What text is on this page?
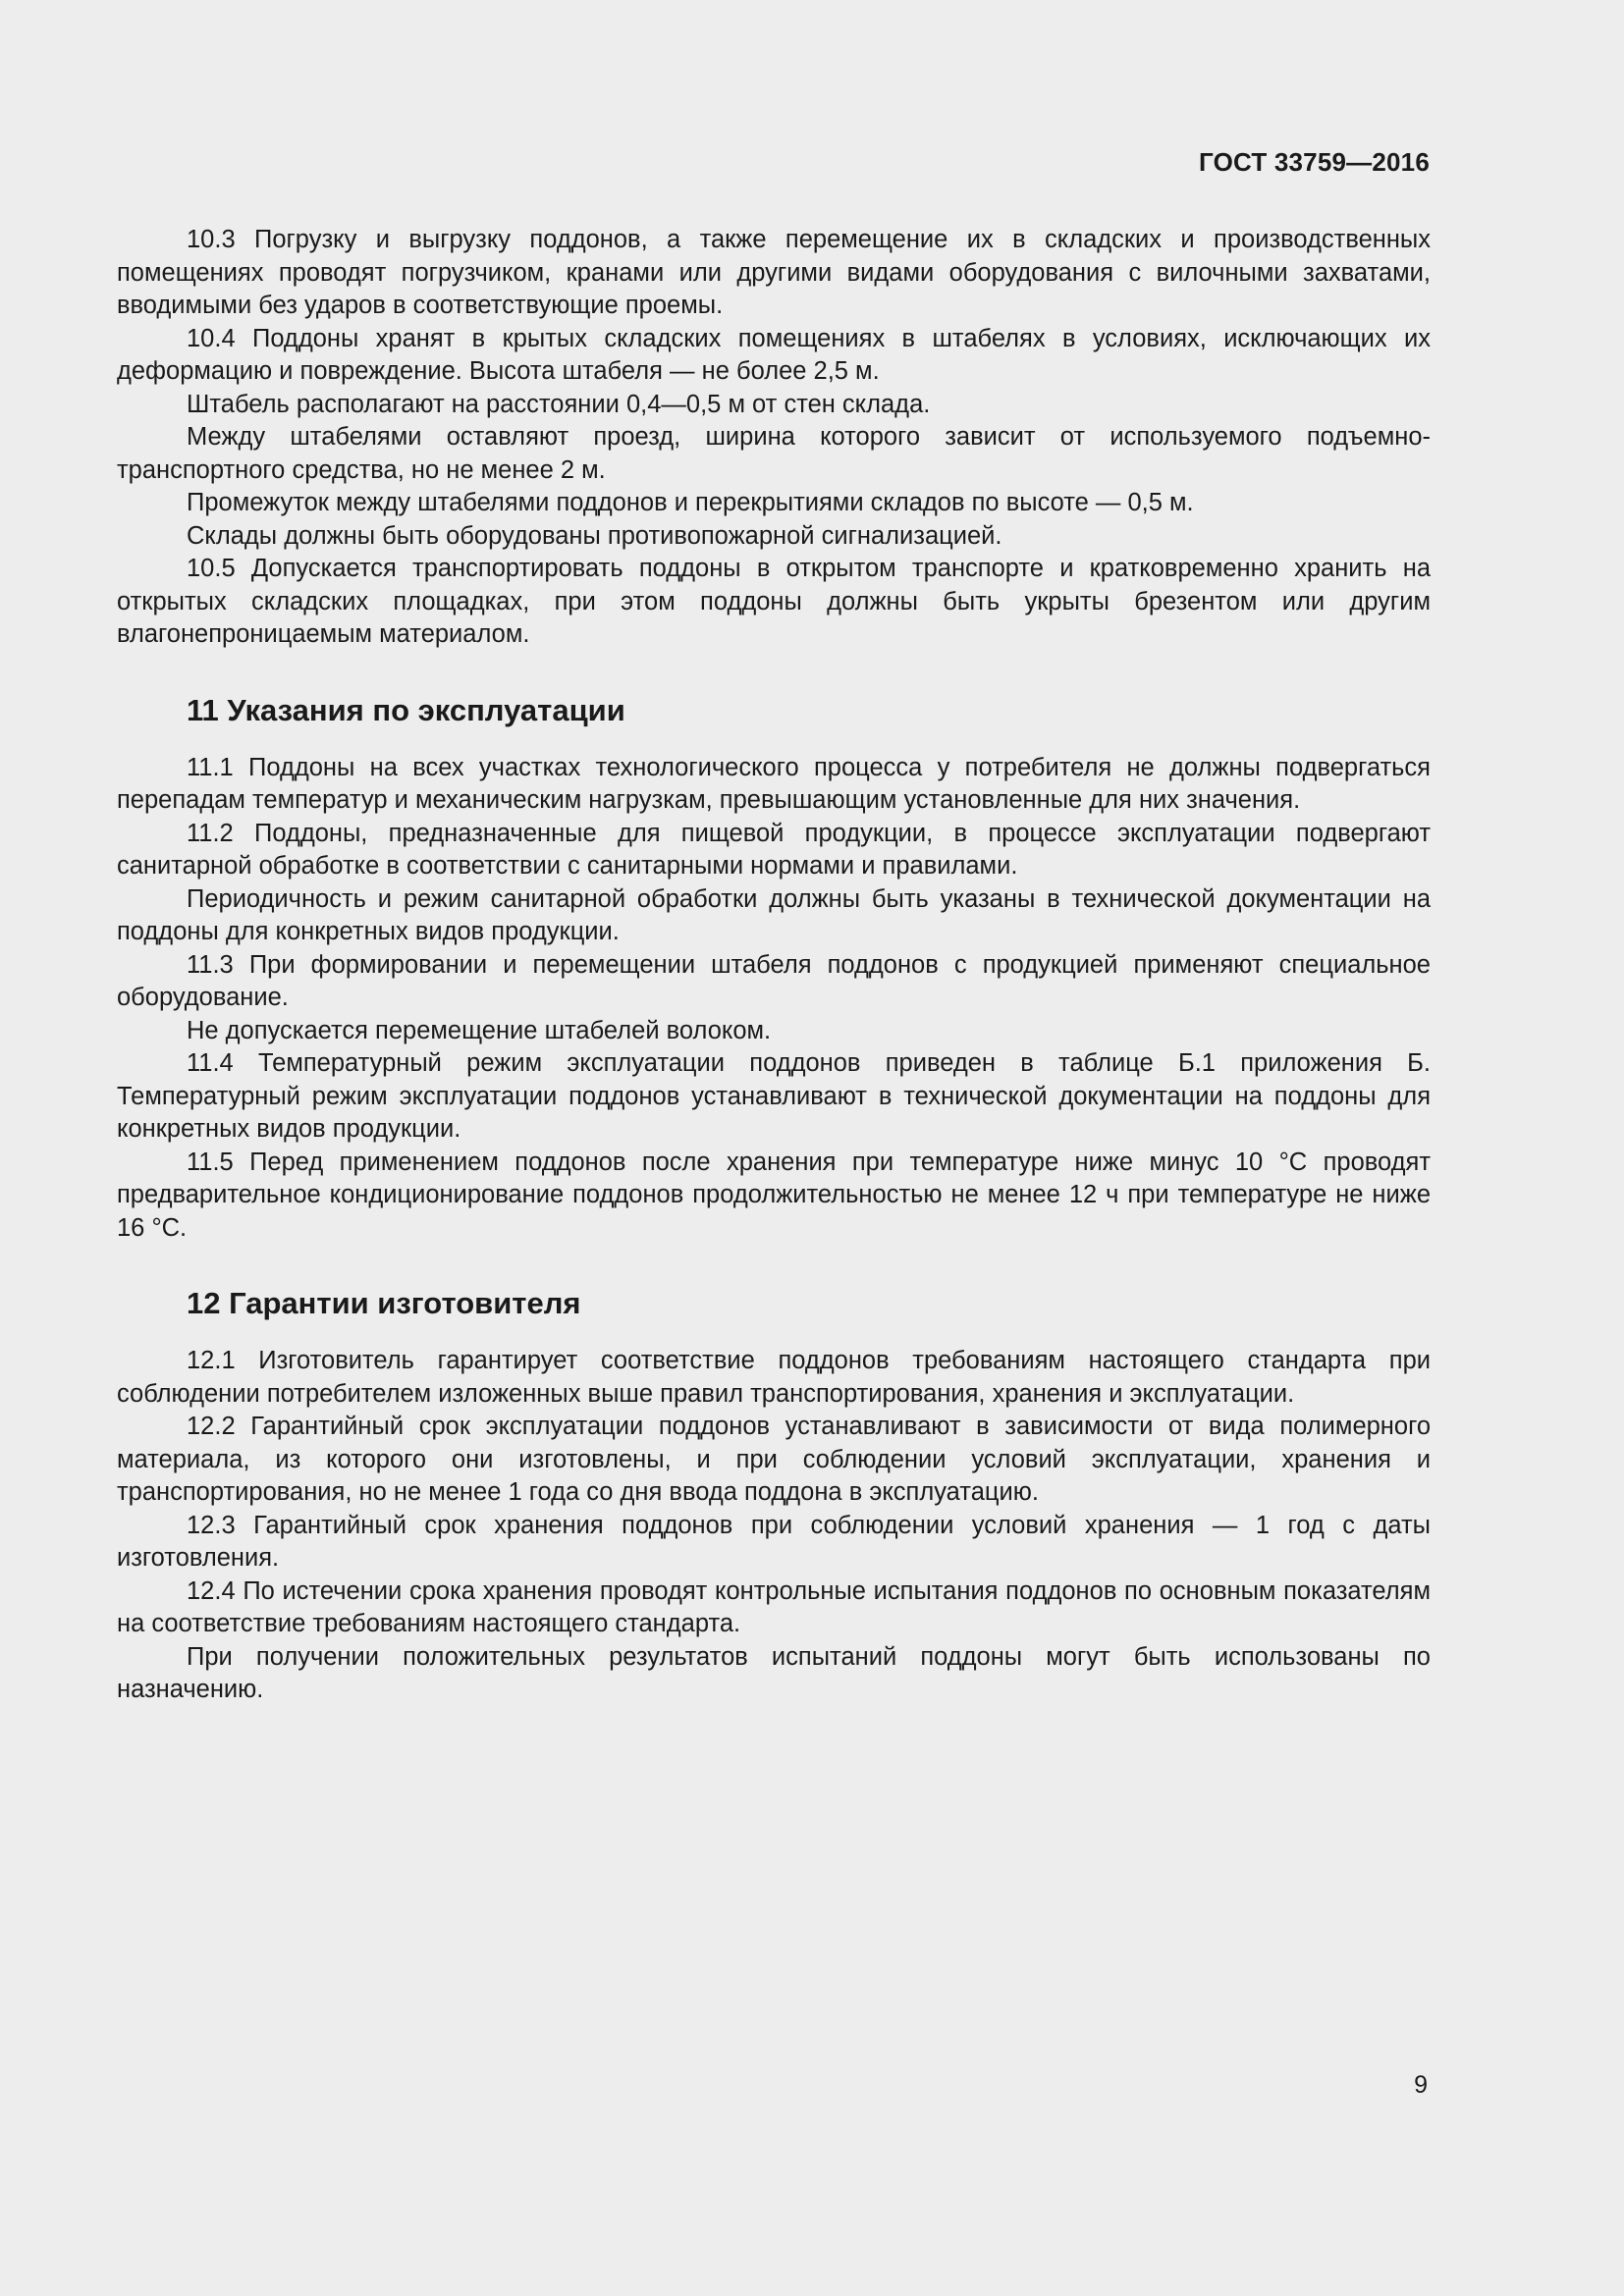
ГОСТ 33759—2016

10.3 Погрузку и выгрузку поддонов, а также перемещение их в складских и производственных помещениях проводят погрузчиком, кранами или другими видами оборудования с вилочными захватами, вводимыми без ударов в соответствующие проемы.

10.4 Поддоны хранят в крытых складских помещениях в штабелях в условиях, исключающих их деформацию и повреждение. Высота штабеля — не более 2,5 м.

Штабель располагают на расстоянии 0,4—0,5 м от стен склада.

Между штабелями оставляют проезд, ширина которого зависит от используемого подъемно-транспортного средства, но не менее 2 м.

Промежуток между штабелями поддонов и перекрытиями складов по высоте — 0,5 м.

Склады должны быть оборудованы противопожарной сигнализацией.

10.5 Допускается транспортировать поддоны в открытом транспорте и кратковременно хранить на открытых складских площадках, при этом поддоны должны быть укрыты брезентом или другим влагонепроницаемым материалом.

11 Указания по эксплуатации

11.1 Поддоны на всех участках технологического процесса у потребителя не должны подвергаться перепадам температур и механическим нагрузкам, превышающим установленные для них значения.

11.2 Поддоны, предназначенные для пищевой продукции, в процессе эксплуатации подвергают санитарной обработке в соответствии с санитарными нормами и правилами.

Периодичность и режим санитарной обработки должны быть указаны в технической документации на поддоны для конкретных видов продукции.

11.3 При формировании и перемещении штабеля поддонов с продукцией применяют специальное оборудование.

Не допускается перемещение штабелей волоком.

11.4 Температурный режим эксплуатации поддонов приведен в таблице Б.1 приложения Б. Температурный режим эксплуатации поддонов устанавливают в технической документации на поддоны для конкретных видов продукции.

11.5 Перед применением поддонов после хранения при температуре ниже минус 10 °С проводят предварительное кондиционирование поддонов продолжительностью не менее 12 ч при температуре не ниже 16 °С.

12 Гарантии изготовителя

12.1 Изготовитель гарантирует соответствие поддонов требованиям настоящего стандарта при соблюдении потребителем изложенных выше правил транспортирования, хранения и эксплуатации.

12.2 Гарантийный срок эксплуатации поддонов устанавливают в зависимости от вида полимерного материала, из которого они изготовлены, и при соблюдении условий эксплуатации, хранения и транспортирования, но не менее 1 года со дня ввода поддона в эксплуатацию.

12.3 Гарантийный срок хранения поддонов при соблюдении условий хранения — 1 год с даты изготовления.

12.4 По истечении срока хранения проводят контрольные испытания поддонов по основным показателям на соответствие требованиям настоящего стандарта.

При получении положительных результатов испытаний поддоны могут быть использованы по назначению.

9
